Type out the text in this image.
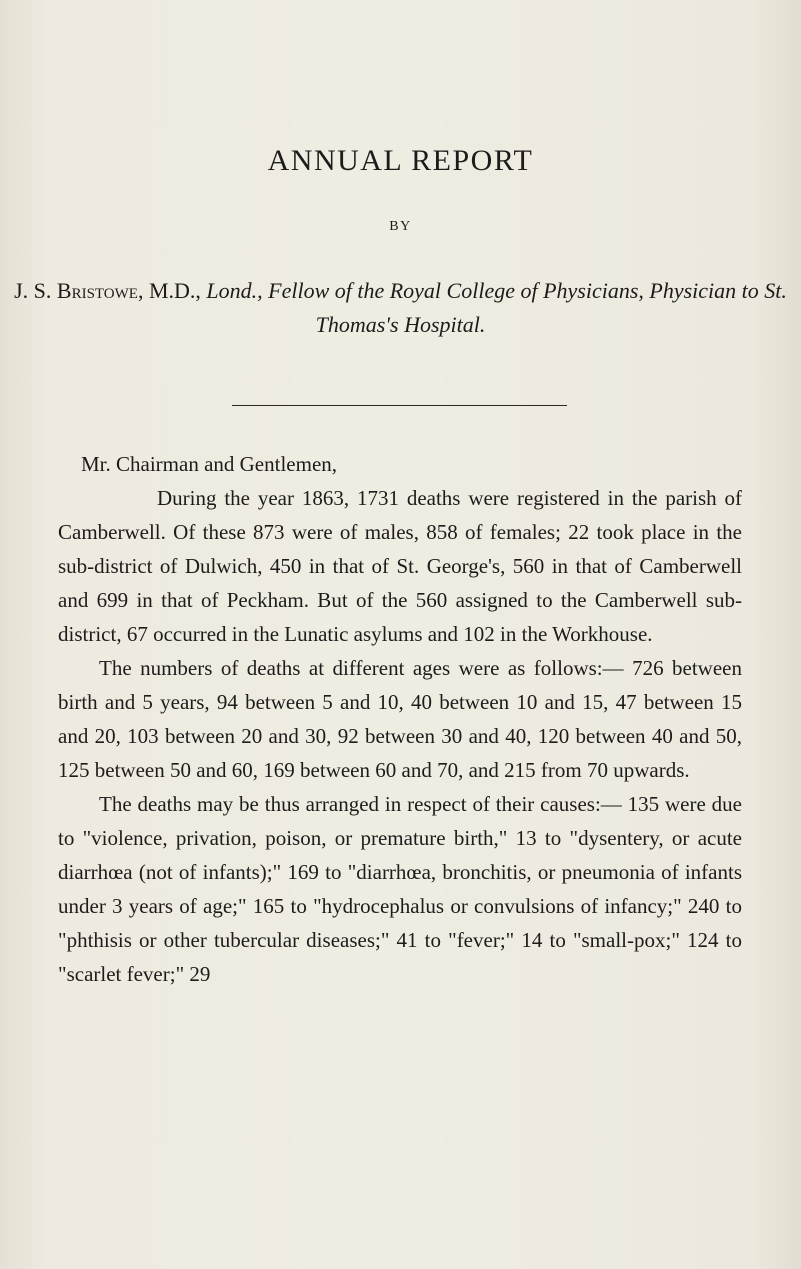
ANNUAL REPORT
BY
J. S. Bristowe, M.D., Lond., Fellow of the Royal College of Physicians, Physician to St. Thomas's Hospital.

Mr. Chairman and Gentlemen,

During the year 1863, 1731 deaths were registered in the parish of Camberwell. Of these 873 were of males, 858 of females; 22 took place in the sub-district of Dulwich, 450 in that of St. George's, 560 in that of Camberwell and 699 in that of Peckham. But of the 560 assigned to the Camberwell sub-district, 67 occurred in the Lunatic asylums and 102 in the Workhouse.

The numbers of deaths at different ages were as follows:— 726 between birth and 5 years, 94 between 5 and 10, 40 between 10 and 15, 47 between 15 and 20, 103 between 20 and 30, 92 between 30 and 40, 120 between 40 and 50, 125 between 50 and 60, 169 between 60 and 70, and 215 from 70 upwards.

The deaths may be thus arranged in respect of their causes:— 135 were due to "violence, privation, poison, or premature birth," 13 to "dysentery, or acute diarrhœa (not of infants);" 169 to "diarrhœa, bronchitis, or pneumonia of infants under 3 years of age;" 165 to "hydrocephalus or convulsions of infancy;" 240 to "phthisis or other tubercular diseases;" 41 to "fever;" 14 to "small-pox;" 124 to "scarlet fever;" 29
